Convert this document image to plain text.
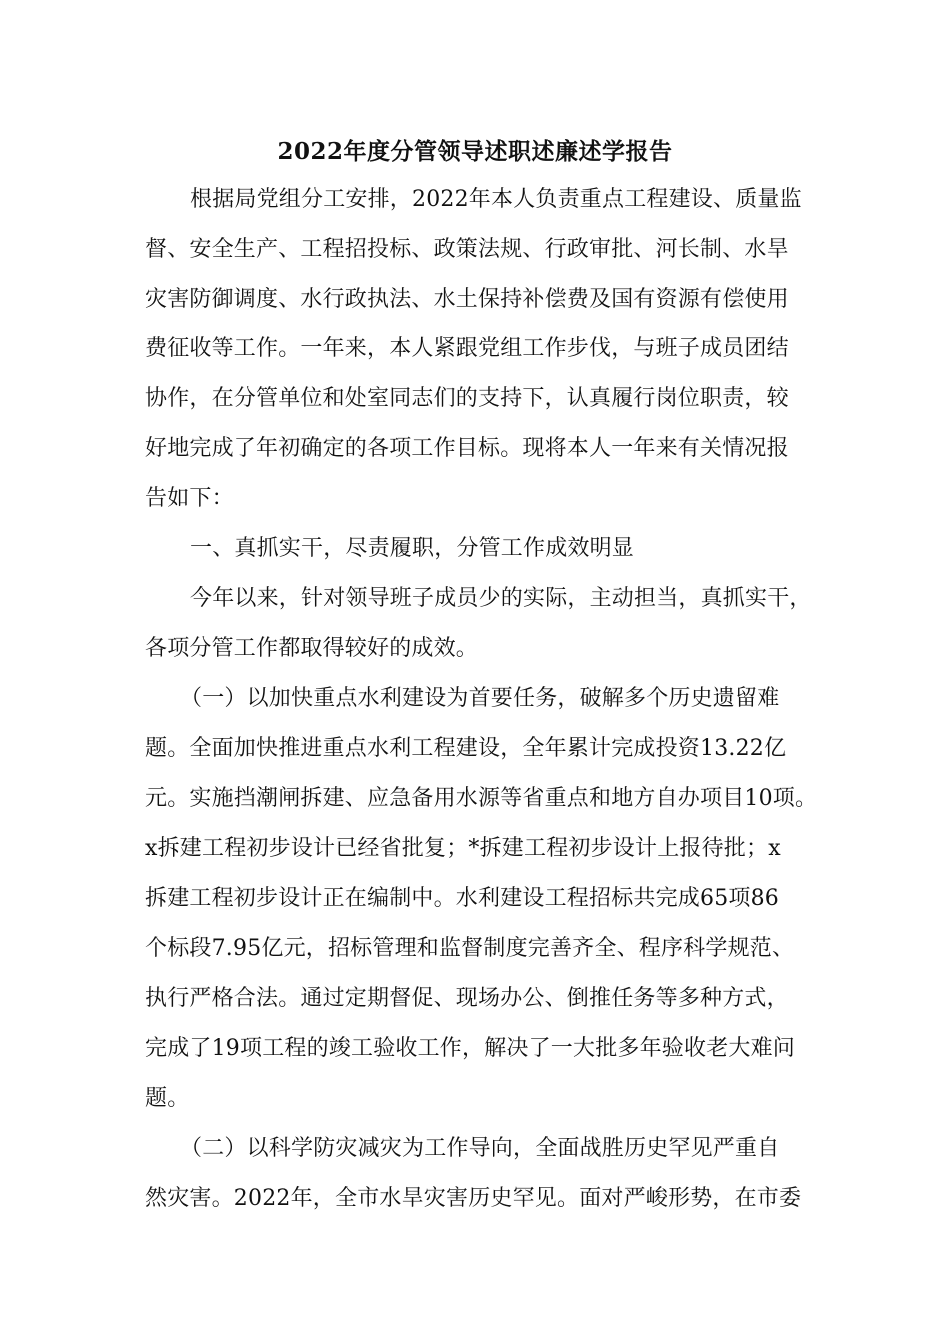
2022年度分管领导述职述廉述学报告
根据局党组分工安排，2022年本人负责重点工程建设、质量监
督、安全生产、工程招投标、政策法规、行政审批、河长制、水旱
灾害防御调度、水行政执法、水土保持补偿费及国有资源有偿使用
费征收等工作。一年来，本人紧跟党组工作步伐，与班子成员团结
协作，在分管单位和处室同志们的支持下，认真履行岗位职责，较
好地完成了年初确定的各项工作目标。现将本人一年来有关情况报
告如下：
一、真抓实干，尽责履职，分管工作成效明显
今年以来，针对领导班子成员少的实际，主动担当，真抓实干，
各项分管工作都取得较好的成效。
（一）以加快重点水利建设为首要任务，破解多个历史遗留难
题。全面加快推进重点水利工程建设，全年累计完成投资13.22亿
元。实施挡潮闸拆建、应急备用水源等省重点和地方自办项目10项。
x拆建工程初步设计已经省批复；*拆建工程初步设计上报待批；x
拆建工程初步设计正在编制中。水利建设工程招标共完成65项86
个标段7.95亿元，招标管理和监督制度完善齐全、程序科学规范、
执行严格合法。通过定期督促、现场办公、倒推任务等多种方式，
完成了19项工程的竣工验收工作，解决了一大批多年验收老大难问
题。
（二）以科学防灾减灾为工作导向，全面战胜历史罕见严重自
然灾害。2022年，全市水旱灾害历史罕见。面对严峻形势，在市委
